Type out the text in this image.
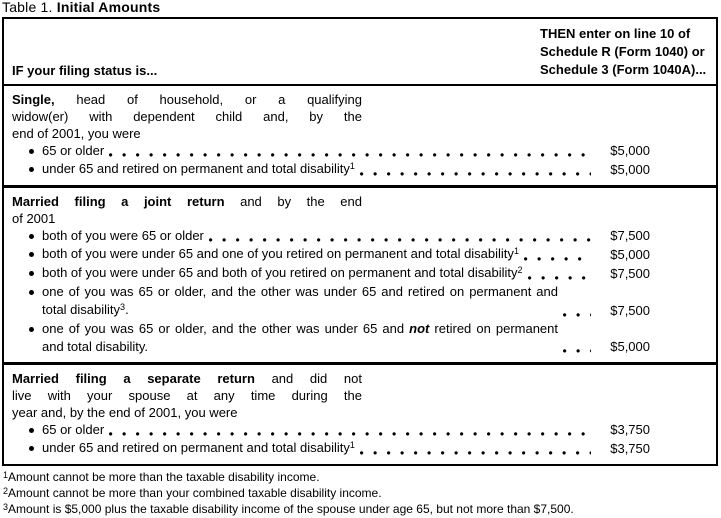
Table 1. Initial Amounts
IF your filing status is...
THEN enter on line 10 of
Schedule R (Form 1040) or
Schedule 3 (Form 1040A)...
Single, head of household, or a qualifying
widow(er) with dependent child and, by the
end of 2001, you were
65 or older	$5,000
under 65 and retired on permanent and total disability$^1$	$5,000
Married filing a joint return and by the end
of 2001
both of you were 65 or older	$7,500
both of you were under 65 and one of you retired on permanent and total disability$^1$	$5,000
both of you were under 65 and both of you retired on permanent and total disability$^2$	$7,500
one of you was 65 or older, and the other was under 65 and retired on permanent and total disability$^3$.	$7,500
one of you was 65 or older, and the other was under 65 and not retired on permanent and total disability.	$5,000
Married filing a separate return and did not
live with your spouse at any time during the
year and, by the end of 2001, you were
65 or older	$3,750
under 65 and retired on permanent and total disability$^1$	$3,750
$^1$Amount cannot be more than the taxable disability income.
$^2$Amount cannot be more than your combined taxable disability income.
$^3$Amount is $5,000 plus the taxable disability income of the spouse under age 65, but not more than $7,500.
